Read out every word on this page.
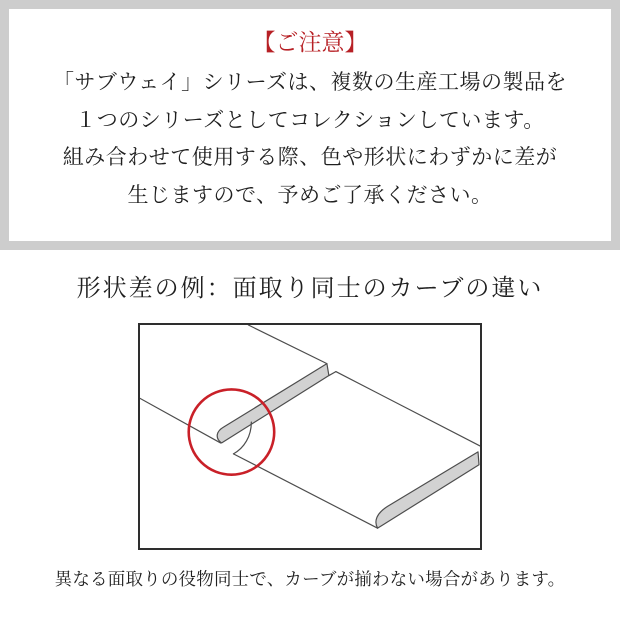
【ご注意】

「サブウェイ」シリーズは、複数の生産工場の製品を

１つのシリーズとしてコレクションしています。

組み合わせて使用する際、色や形状にわずかに差が

生じますので、予めご了承ください。

形状差の例：面取り同士のカーブの違い
異なる面取りの役物同士で、カーブが揃わない場合があります。
